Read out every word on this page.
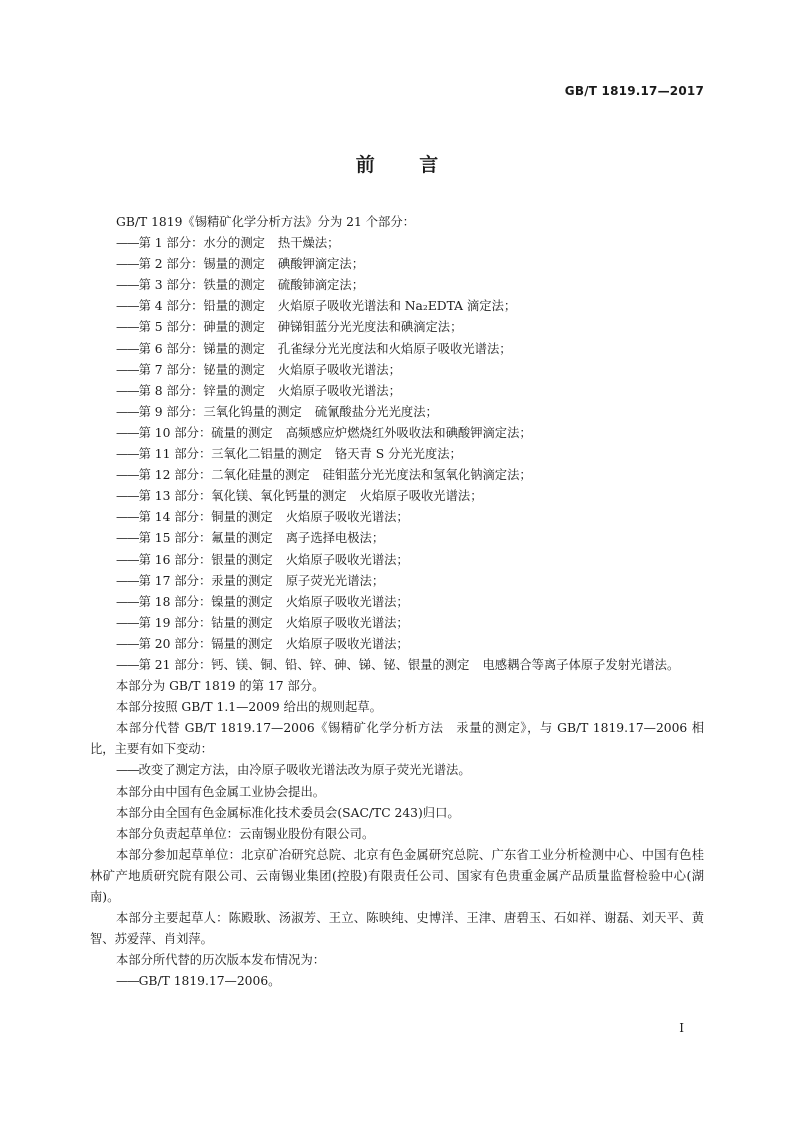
GB/T 1819.17—2017
前 言

GB/T 1819《锡精矿化学分析方法》分为 21 个部分：

——第 1 部分：水分的测定 热干燥法；

——第 2 部分：锡量的测定 碘酸钾滴定法；

——第 3 部分：铁量的测定 硫酸铈滴定法；

——第 4 部分：铅量的测定 火焰原子吸收光谱法和 Na₂EDTA 滴定法；

——第 5 部分：砷量的测定 砷锑钼蓝分光光度法和碘滴定法；

——第 6 部分：锑量的测定 孔雀绿分光光度法和火焰原子吸收光谱法；

——第 7 部分：铋量的测定 火焰原子吸收光谱法；

——第 8 部分：锌量的测定 火焰原子吸收光谱法；

——第 9 部分：三氧化钨量的测定 硫氰酸盐分光光度法；

——第 10 部分：硫量的测定 高频感应炉燃烧红外吸收法和碘酸钾滴定法；

——第 11 部分：三氧化二铝量的测定 铬天青 S 分光光度法；

——第 12 部分：二氧化硅量的测定 硅钼蓝分光光度法和氢氧化钠滴定法；

——第 13 部分：氧化镁、氧化钙量的测定 火焰原子吸收光谱法；

——第 14 部分：铜量的测定 火焰原子吸收光谱法；

——第 15 部分：氟量的测定 离子选择电极法；

——第 16 部分：银量的测定 火焰原子吸收光谱法；

——第 17 部分：汞量的测定 原子荧光光谱法；

——第 18 部分：镍量的测定 火焰原子吸收光谱法；

——第 19 部分：钴量的测定 火焰原子吸收光谱法；

——第 20 部分：镉量的测定 火焰原子吸收光谱法；

——第 21 部分：钙、镁、铜、铅、锌、砷、锑、铋、银量的测定 电感耦合等离子体原子发射光谱法。

本部分为 GB/T 1819 的第 17 部分。

本部分按照 GB/T 1.1—2009 给出的规则起草。

本部分代替 GB/T 1819.17—2006《锡精矿化学分析方法　汞量的测定》，与 GB/T 1819.17—2006 相比，主要有如下变动：

——改变了测定方法，由冷原子吸收光谱法改为原子荧光光谱法。

本部分由中国有色金属工业协会提出。

本部分由全国有色金属标准化技术委员会(SAC/TC 243)归口。

本部分负责起草单位：云南锡业股份有限公司。

本部分参加起草单位：北京矿冶研究总院、北京有色金属研究总院、广东省工业分析检测中心、中国有色桂林矿产地质研究院有限公司、云南锡业集团(控股)有限责任公司、国家有色贵重金属产品质量监督检验中心(湖南)。

本部分主要起草人：陈殿耿、汤淑芳、王立、陈映纯、史博洋、王津、唐碧玉、石如祥、谢磊、刘天平、黄智、苏爱萍、肖刘萍。

本部分所代替的历次版本发布情况为：

——GB/T 1819.17—2006。

I
